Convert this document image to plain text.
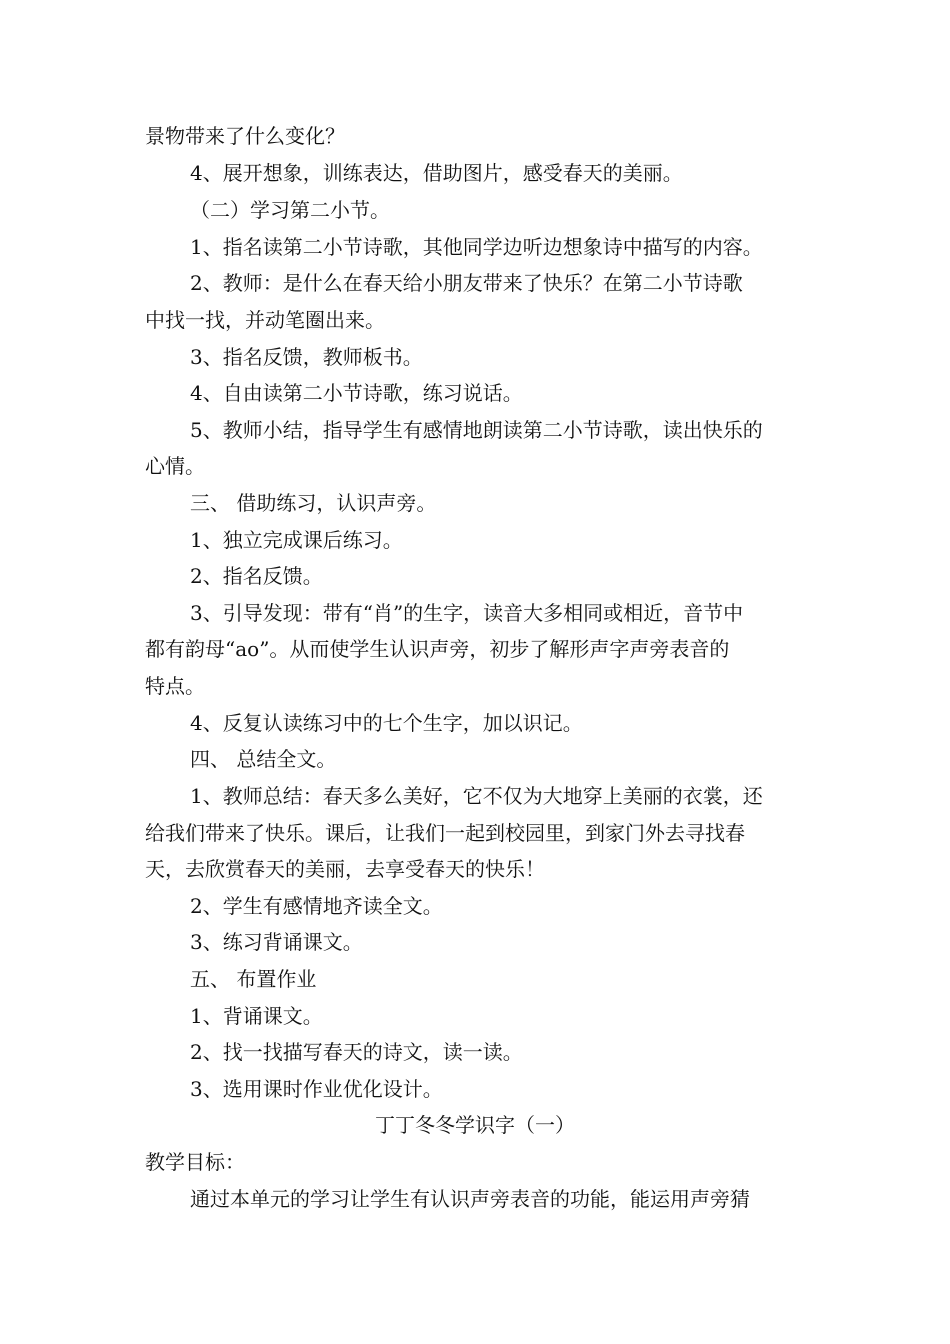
景物带来了什么变化？
4、展开想象，训练表达，借助图片，感受春天的美丽。
（二）学习第二小节。
1、指名读第二小节诗歌，其他同学边听边想象诗中描写的内容。
2、教师：是什么在春天给小朋友带来了快乐？在第二小节诗歌
中找一找，并动笔圈出来。
3、指名反馈，教师板书。
4、自由读第二小节诗歌，练习说话。
5、教师小结，指导学生有感情地朗读第二小节诗歌，读出快乐的
心情。
三、 借助练习，认识声旁。
1、独立完成课后练习。
2、指名反馈。
3、引导发现：带有“肖”的生字，读音大多相同或相近，音节中
都有韵母“ao”。从而使学生认识声旁，初步了解形声字声旁表音的
特点。
4、反复认读练习中的七个生字，加以识记。
四、 总结全文。
1、教师总结：春天多么美好，它不仅为大地穿上美丽的衣裳，还
给我们带来了快乐。课后，让我们一起到校园里，到家门外去寻找春
天，去欣赏春天的美丽，去享受春天的快乐！
2、学生有感情地齐读全文。
3、练习背诵课文。
五、 布置作业
1、背诵课文。
2、找一找描写春天的诗文，读一读。
3、选用课时作业优化设计。
丁丁冬冬学识字（一）
教学目标：
通过本单元的学习让学生有认识声旁表音的功能，能运用声旁猜
